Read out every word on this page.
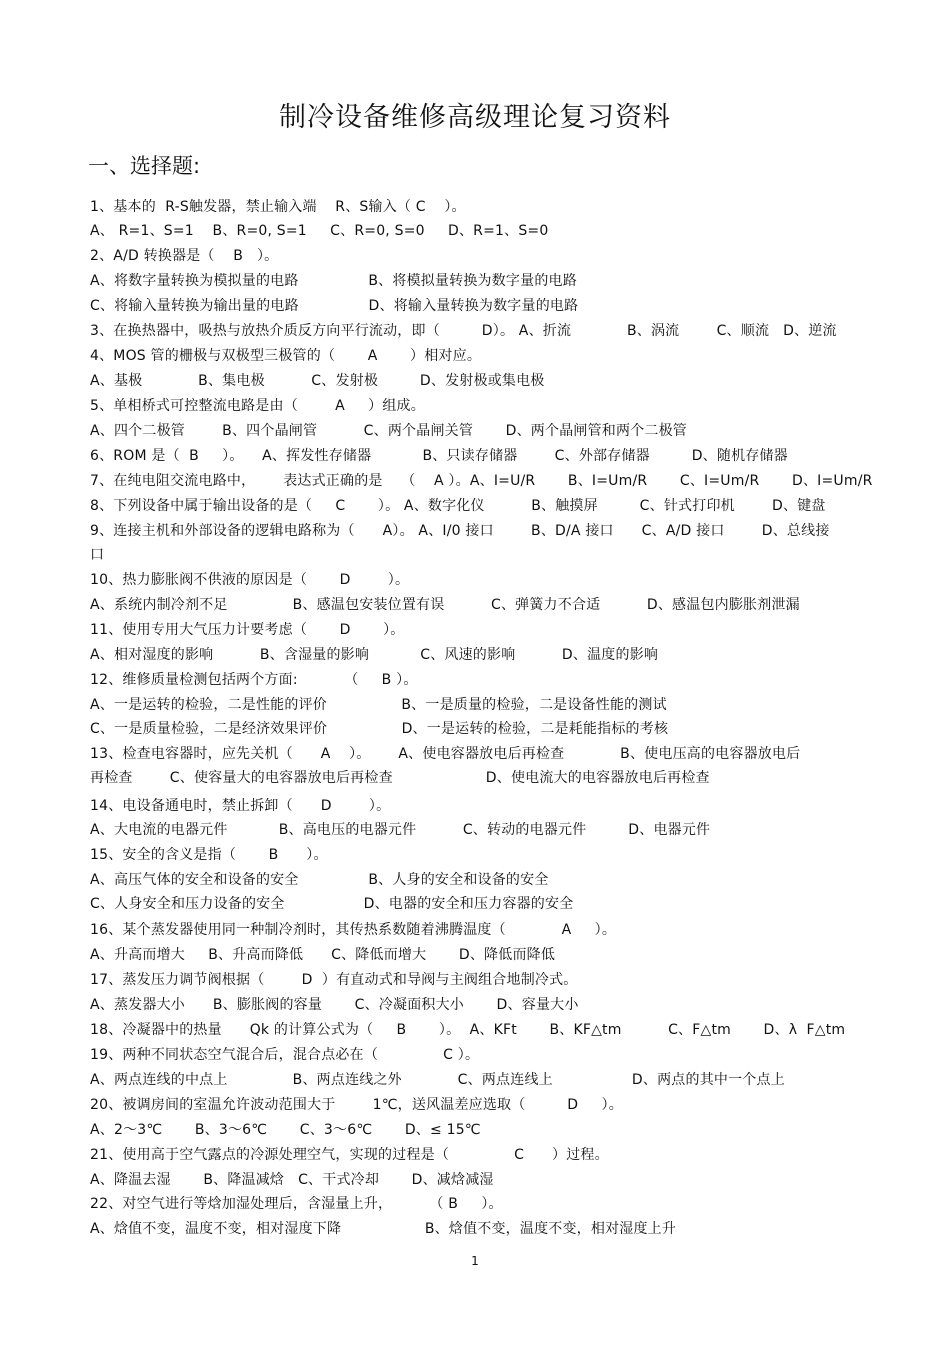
制冷设备维修高级理论复习资料
一、选择题:
1、基本的  R-S触发器，禁止输入端    R、S输入（ C    ）。
A、 R=1、S=1    B、R=0, S=1     C、R=0, S=0     D、R=1、S=0
2、A/D 转换器是（    B   ）。
A、将数字量转换为模拟量的电路               B、将模拟量转换为数字量的电路
C、将输入量转换为输出量的电路               D、将输入量转换为数字量的电路
3、在换热器中，吸热与放热介质反方向平行流动，即（         D）。 A、折流            B、涡流        C、顺流   D、逆流
4、MOS 管的栅极与双极型三极管的（       A       ）相对应。
A、基极            B、集电极          C、发射极         D、发射极或集电极
5、单相桥式可控整流电路是由（        A     ）组成。
A、四个二极管        B、四个晶闸管          C、两个晶闸关管       D、两个晶闸管和两个二极管
6、ROM 是（  B     ）。    A、挥发性存储器           B、只读存储器        C、外部存储器         D、随机存储器
7、在纯电阻交流电路中，      表达式正确的是    （    A ）。A、I=U/R       B、I=Um/R       C、I=Um/R       D、I=Um/R
8、下列设备中属于输出设备的是（     C       ）。 A、数字化仪          B、触摸屏         C、针式打印机        D、键盘
9、连接主机和外部设备的逻辑电路称为（      A）。 A、I/0 接口        B、D/A 接口      C、A/D 接口        D、总线接
口
10、热力膨胀阀不供液的原因是（       D        ）。
A、系统内制冷剂不足              B、感温包安装位置有误          C、弹簧力不合适          D、感温包内膨胀剂泄漏
11、使用专用大气压力计要考虑（       D       ）。
A、相对湿度的影响          B、含湿量的影响           C、风速的影响          D、温度的影响
12、维修质量检测包括两个方面:          （     B ）。
A、一是运转的检验，二是性能的评价                B、一是质量的检验，二是设备性能的测试
C、一是质量检验，二是经济效果评价                D、一是运转的检验，二是耗能指标的考核
13、检查电容器时，应先关机（      A    ）。      A、使电容器放电后再检查            B、使电压高的电容器放电后
再检查        C、使容量大的电容器放电后再检查                    D、使电流大的电容器放电后再检查
14、电设备通电时，禁止拆卸（      D        ）。
A、大电流的电器元件           B、高电压的电器元件          C、转动的电器元件         D、电器元件
15、安全的含义是指（       B      ）。
A、高压气体的安全和设备的安全               B、人身的安全和设备的安全
C、人身安全和压力设备的安全                 D、电器的安全和压力容器的安全
16、某个蒸发器使用同一种制冷剂时，其传热系数随着沸腾温度（            A     ）。
A、升高而增大     B、升高而降低      C、降低而增大       D、降低而降低
17、蒸发压力调节阀根据（        D  ）有直动式和导阀与主阀组合地制冷式。
A、蒸发器大小      B、膨胀阀的容量       C、冷凝面积大小       D、容量大小
18、冷凝器中的热量      Qk 的计算公式为（     B       ）。  A、KFt       B、KF△tm          C、F△tm       D、λ  F△tm
19、两种不同状态空气混合后，混合点必在（              C ）。
A、两点连线的中点上              B、两点连线之外            C、两点连线上                 D、两点的其中一个点上
20、被调房间的室温允许波动范围大于        1℃，送风温差应选取（         D     ）。
A、2～3℃       B、3～6℃       C、3～6℃       D、≤ 15℃
21、使用高于空气露点的冷源处理空气，实现的过程是（              C      ）过程。
A、降温去湿       B、降温减焓   C、干式冷却       D、减焓减湿
22、对空气进行等焓加湿处理后，含湿量上升，        （ B     ）。
A、焓值不变，温度不变，相对湿度下降                  B、焓值不变，温度不变，相对湿度上升
1
